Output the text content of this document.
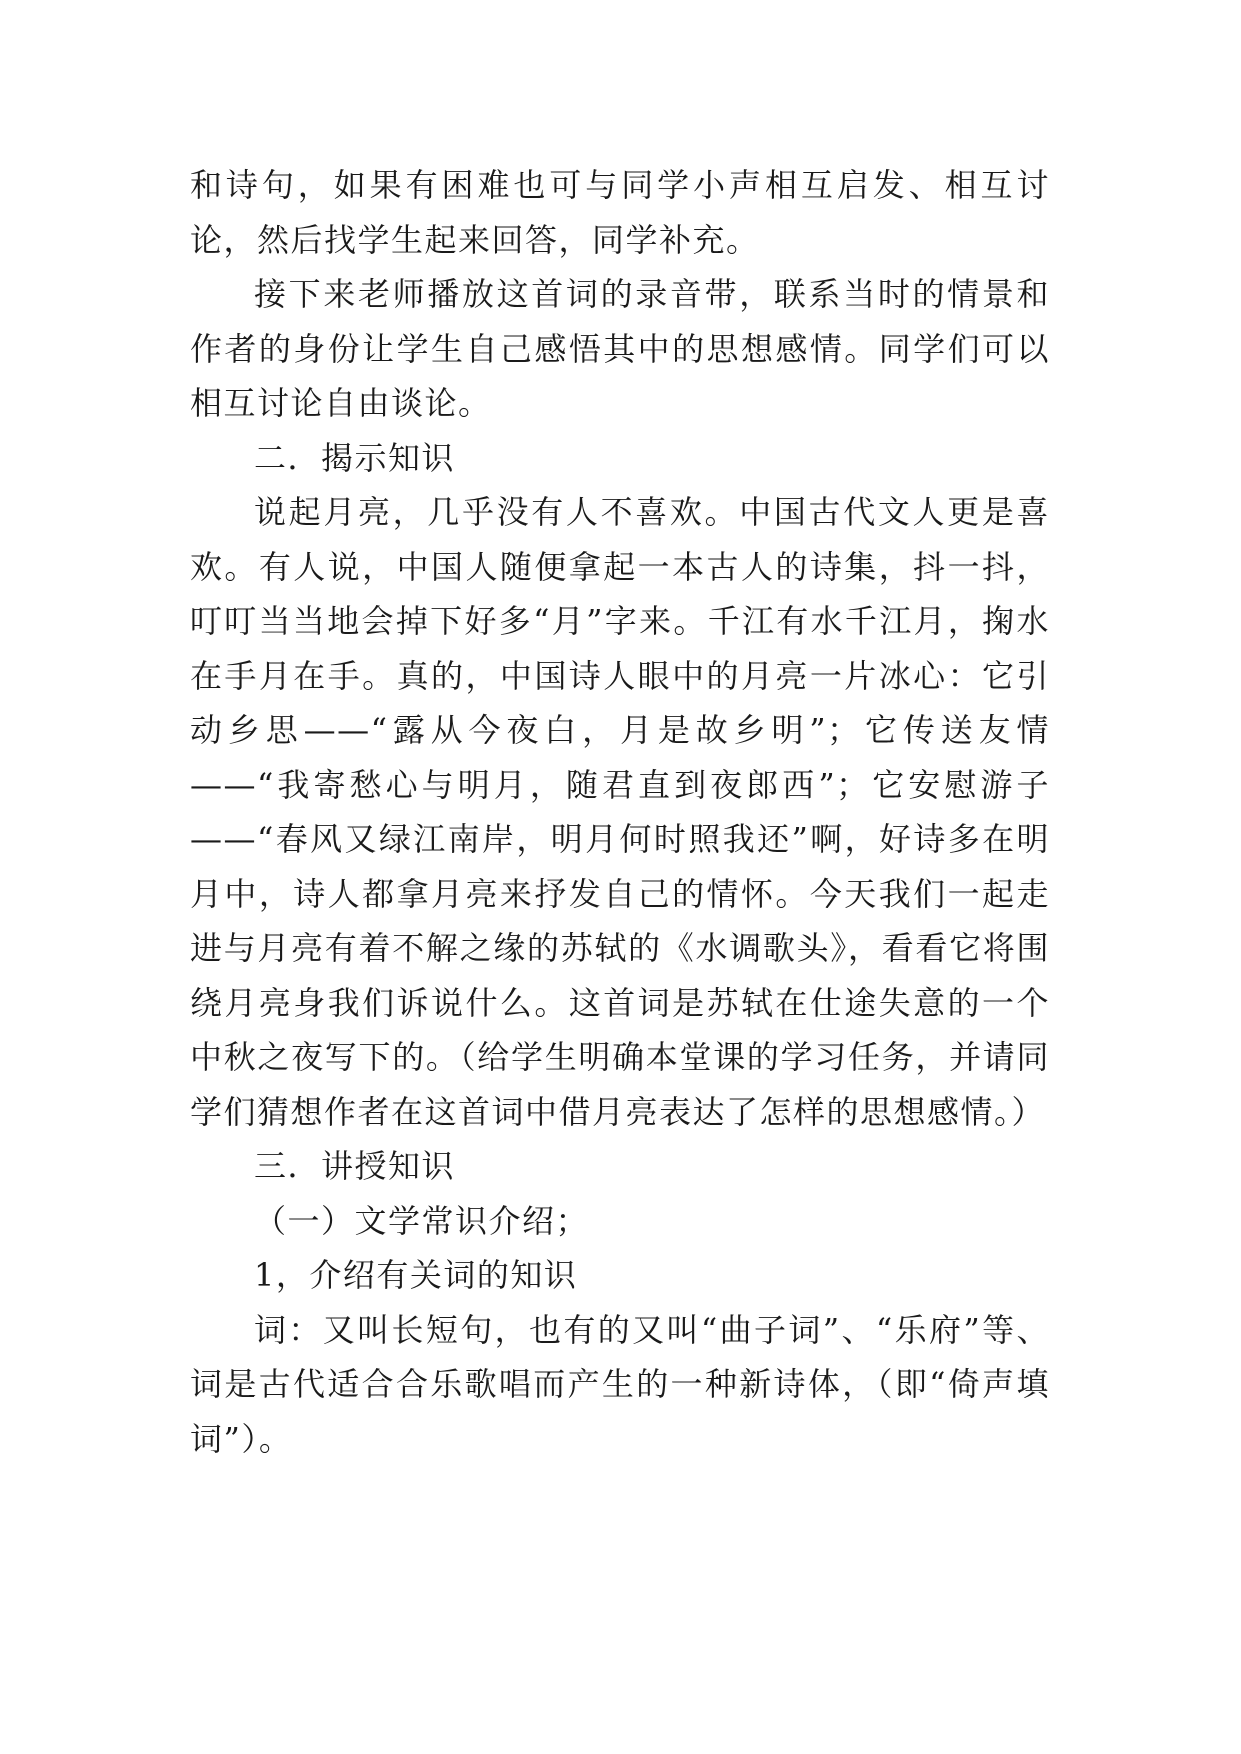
和诗句，如果有困难也可与同学小声相互启发、相互讨论，然后找学生起来回答，同学补充。

接下来老师播放这首词的录音带，联系当时的情景和作者的身份让学生自己感悟其中的思想感情。同学们可以相互讨论自由谈论。

二．揭示知识

说起月亮，几乎没有人不喜欢。中国古代文人更是喜欢。有人说，中国人随便拿起一本古人的诗集，抖一抖，叮叮当当地会掉下好多“月”字来。千江有水千江月，掬水在手月在手。真的，中国诗人眼中的月亮一片冰心：它引动乡思——“露从今夜白，月是故乡明”；它传送友情——“我寄愁心与明月，随君直到夜郎西”；它安慰游子——“春风又绿江南岸，明月何时照我还”啊，好诗多在明月中，诗人都拿月亮来抒发自己的情怀。今天我们一起走进与月亮有着不解之缘的苏轼的《水调歌头》，看看它将围绕月亮身我们诉说什么。这首词是苏轼在仕途失意的一个中秋之夜写下的。（给学生明确本堂课的学习任务，并请同学们猜想作者在这首词中借月亮表达了怎样的思想感情。）

三．讲授知识

（一）文学常识介绍；

1，介绍有关词的知识

词：又叫长短句，也有的又叫“曲子词”、“乐府”等、词是古代适合合乐歌唱而产生的一种新诗体，（即“倚声填词”）。
